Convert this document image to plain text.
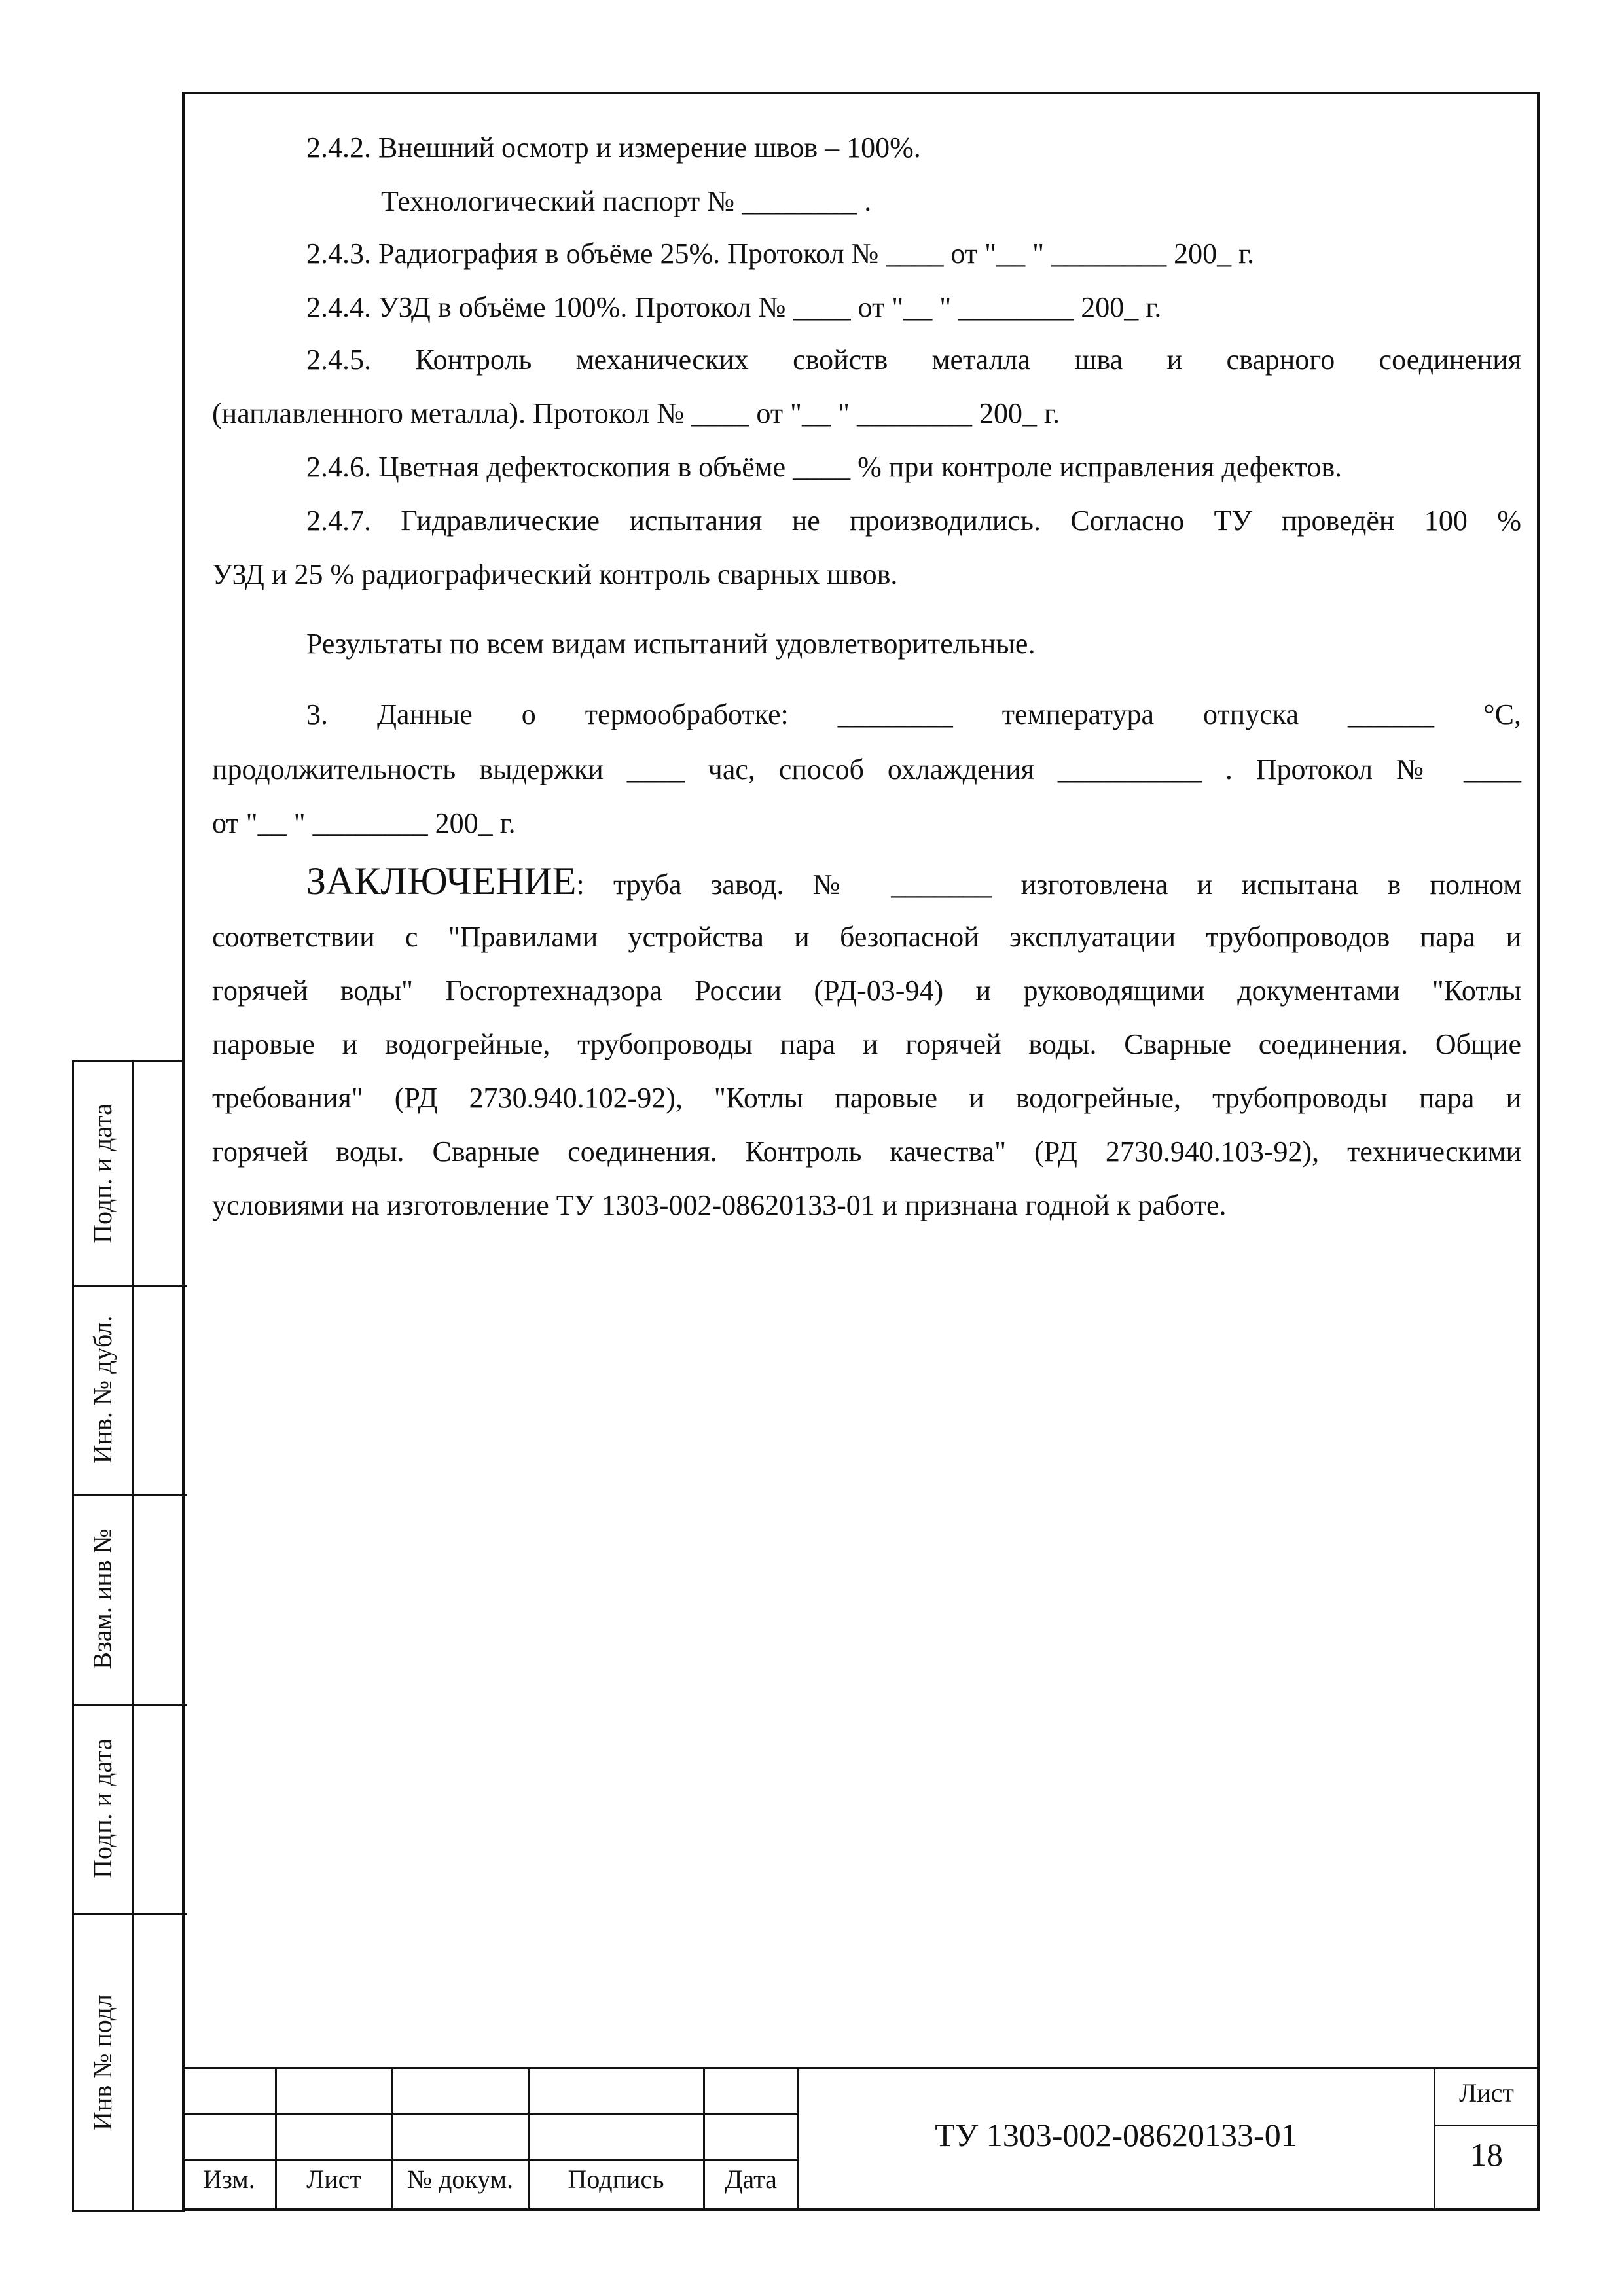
Подп. и дата
Инв. № дубл.
Взам. инв №
Подп. и дата
Инв № подл
2.4.2. Внешний осмотр и измерение швов – 100%.
Технологический паспорт № ________ .
2.4.3. Радиография в объёме 25%. Протокол № ____ от "__ " ________ 200_ г.
2.4.4. УЗД в объёме 100%. Протокол № ____ от "__ " ________ 200_ г.
2.4.5. Контроль механических свойств металла шва и сварного соединения
(наплавленного металла). Протокол № ____ от "__ " ________ 200_ г.
2.4.6. Цветная дефектоскопия в объёме ____ % при контроле исправления дефектов.
2.4.7. Гидравлические испытания не производились. Согласно ТУ проведён 100 %
УЗД и 25 % радиографический контроль сварных швов.
Результаты по всем видам испытаний удовлетворительные.
3. Данные о термообработке: ________ температура отпуска ______ °С,
продолжительность выдержки ____ час, способ охлаждения __________ . Протокол № ____
от "__ " ________ 200_ г.
ЗАКЛЮЧЕНИЕ: труба завод. № _______ изготовлена и испытана в полном
соответствии с "Правилами устройства и безопасной эксплуатации трубопроводов пара и
горячей воды" Госгортехнадзора России (РД-03-94) и руководящими документами "Котлы
паровые и водогрейные, трубопроводы пара и горячей воды. Сварные соединения. Общие
требования" (РД 2730.940.102-92), "Котлы паровые и водогрейные, трубопроводы пара и
горячей воды. Сварные соединения. Контроль качества" (РД 2730.940.103-92), техническими
условиями на изготовление ТУ 1303-002-08620133-01 и признана годной к работе.
Изм.	Лист	№ докум.	Подпись	Дата
ТУ 1303-002-08620133-01
Лист
18
